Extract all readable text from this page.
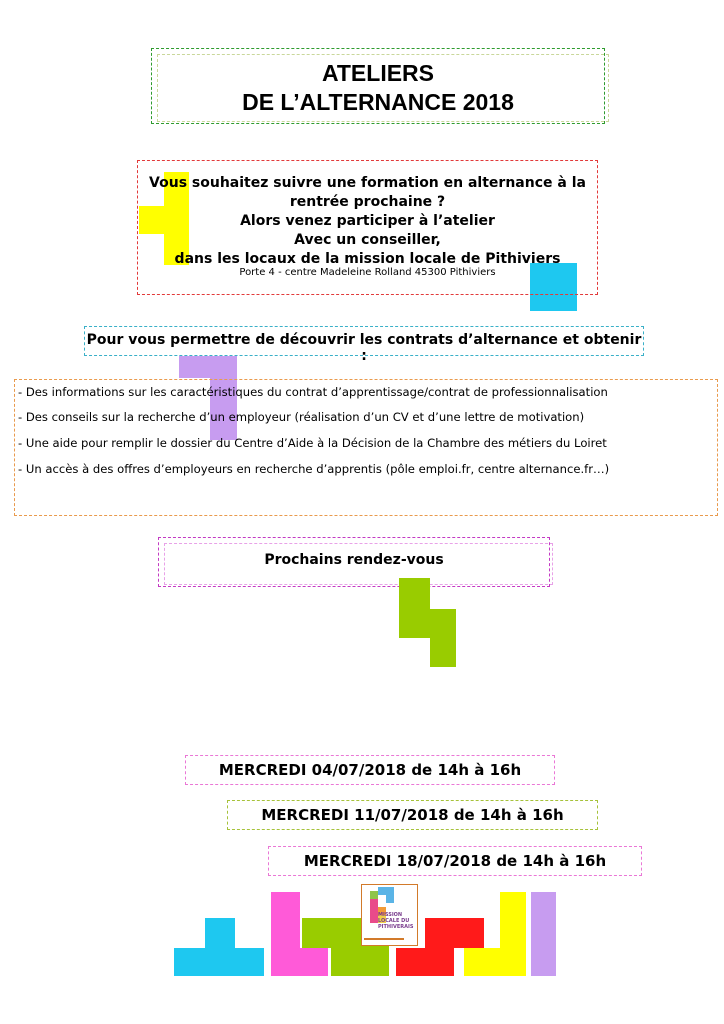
ATELIERS
DE L’ALTERNANCE 2018
Vous souhaitez suivre une formation en alternance à la
rentrée prochaine ?
Alors venez participer à l’atelier
Avec un conseiller,
dans les locaux de la mission locale de Pithiviers
Porte 4 - centre Madeleine Rolland 45300 Pithiviers
Pour vous permettre de découvrir les contrats d’alternance et obtenir :
- Des informations sur les caractéristiques du contrat d’apprentissage/contrat de professionnalisation
- Des conseils sur la recherche d’un employeur (réalisation d’un CV et d’une lettre de motivation)
- Une aide pour remplir le dossier du Centre d’Aide à la Décision de la Chambre des métiers du Loiret
- Un accès à des offres d’employeurs en recherche d’apprentis (pôle emploi.fr, centre alternance.fr…)
Prochains rendez-vous
MERCREDI 04/07/2018 de 14h à 16h
MERCREDI 11/07/2018 de 14h à 16h
MERCREDI 18/07/2018 de 14h à 16h
MISSION LOCALE DU PITHIVERAIS
